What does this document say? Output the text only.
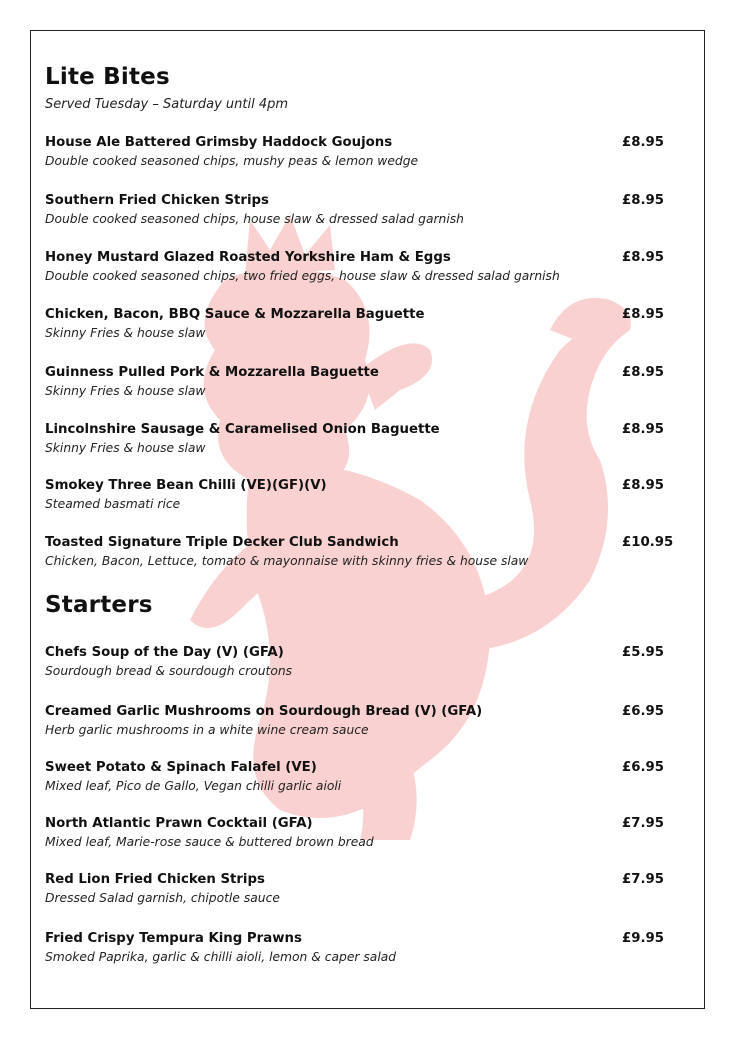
Lite Bites
Served Tuesday – Saturday until 4pm
House Ale Battered Grimsby Haddock Goujons
Double cooked seasoned chips, mushy peas & lemon wedge
£8.95
Southern Fried Chicken Strips
Double cooked seasoned chips, house slaw & dressed salad garnish
£8.95
Honey Mustard Glazed Roasted Yorkshire Ham & Eggs
Double cooked seasoned chips, two fried eggs, house slaw & dressed salad garnish
£8.95
Chicken, Bacon, BBQ Sauce & Mozzarella Baguette
Skinny Fries & house slaw
£8.95
Guinness Pulled Pork & Mozzarella Baguette
Skinny Fries & house slaw
£8.95
Lincolnshire Sausage & Caramelised Onion Baguette
Skinny Fries & house slaw
£8.95
Smokey Three Bean Chilli (VE)(GF)(V)
Steamed basmati rice
£8.95
Toasted Signature Triple Decker Club Sandwich
Chicken, Bacon, Lettuce, tomato & mayonnaise with skinny fries & house slaw
£10.95
Starters
Chefs Soup of the Day (V) (GFA)
Sourdough bread & sourdough croutons
£5.95
Creamed Garlic Mushrooms on Sourdough Bread (V) (GFA)
Herb garlic mushrooms in a white wine cream sauce
£6.95
Sweet Potato & Spinach Falafel (VE)
Mixed leaf, Pico de Gallo, Vegan chilli garlic aioli
£6.95
North Atlantic Prawn Cocktail (GFA)
Mixed leaf, Marie-rose sauce & buttered brown bread
£7.95
Red Lion Fried Chicken Strips
Dressed Salad garnish, chipotle sauce
£7.95
Fried Crispy Tempura King Prawns
Smoked Paprika, garlic & chilli aioli, lemon & caper salad
£9.95
